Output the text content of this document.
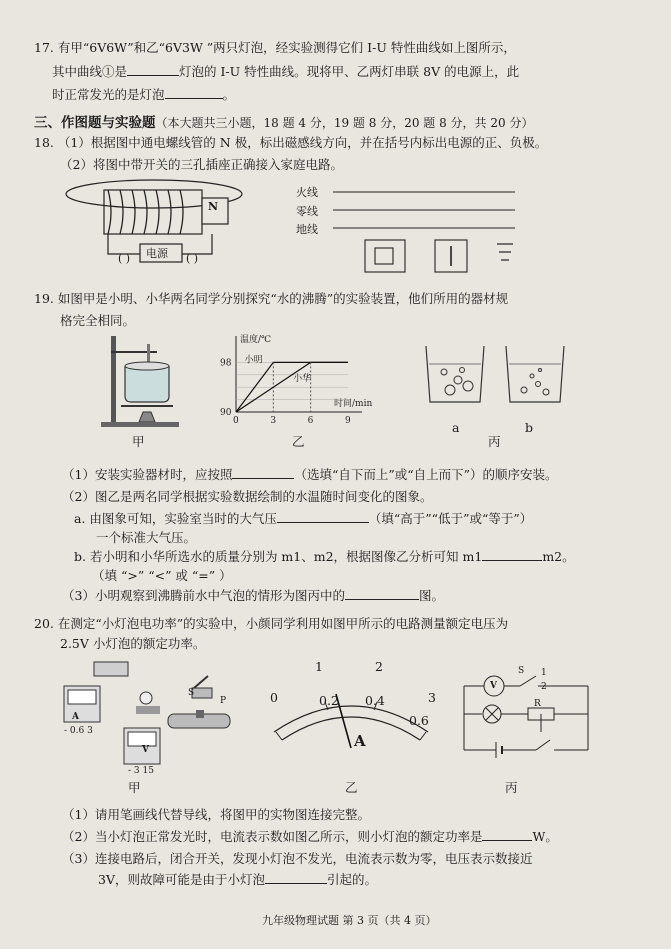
17. 有甲“6V6W”和乙“6V3W ”两只灯泡，经实验测得它们 I-U 特性曲线如上图所示，
其中曲线①是	灯泡的 I-U 特性曲线。现将甲、乙两灯串联 8V 的电源上，此
时正常发光的是灯泡	。
三、作图题与实验题（本大题共三小题，18 题 4 分，19 题 8 分，20 题 8 分，共 20 分）
18. （1）根据图中通电螺线管的 N 极，标出磁感线方向，并在括号内标出电源的正、负极。
（2）将图中带开关的三孔插座正确接入家庭电路。
N
电源
( )	( )
火线
零线
地线
19. 如图甲是小明、小华两名同学分别探究“水的沸腾”的实验装置，他们所用的器材规
格完全相同。
甲
温度/℃
时间/min
90
98
0	3	6	9
小明
小华
乙
a	b
丙
（1）安装实验器材时，应按照	（选填“自下而上”或“自上而下”）的顺序安装。
（2）图乙是两名同学根据实验数据绘制的水温随时间变化的图象。
a. 由图象可知，实验室当时的大气压	（填“高于”“低于”或“等于”）
一个标准大气压。
b. 若小明和小华所选水的质量分别为 m1、m2，根据图像乙分析可知 m1	m2。
（填 “>” “<” 或 “=” ）
（3）小明观察到沸腾前水中气泡的情形为图丙中的	图。
20. 在测定“小灯泡电功率”的实验中，小颜同学利用如图甲所示的电路测量额定电压为
2.5V 小灯泡的额定功率。
A
- 0.6 3
V
- 3 15
S
P
甲
0
1	2
3
0.2 0.4
0.6
A
乙
V
S 1
2
R
丙
（1）请用笔画线代替导线，将图甲的实物图连接完整。
（2）当小灯泡正常发光时，电流表示数如图乙所示，则小灯泡的额定功率是	W。
（3）连接电路后，闭合开关，发现小灯泡不发光，电流表示数为零，电压表示数接近
3V，则故障可能是由于小灯泡	引起的。
九年级物理试题 第 3 页（共 4 页）
